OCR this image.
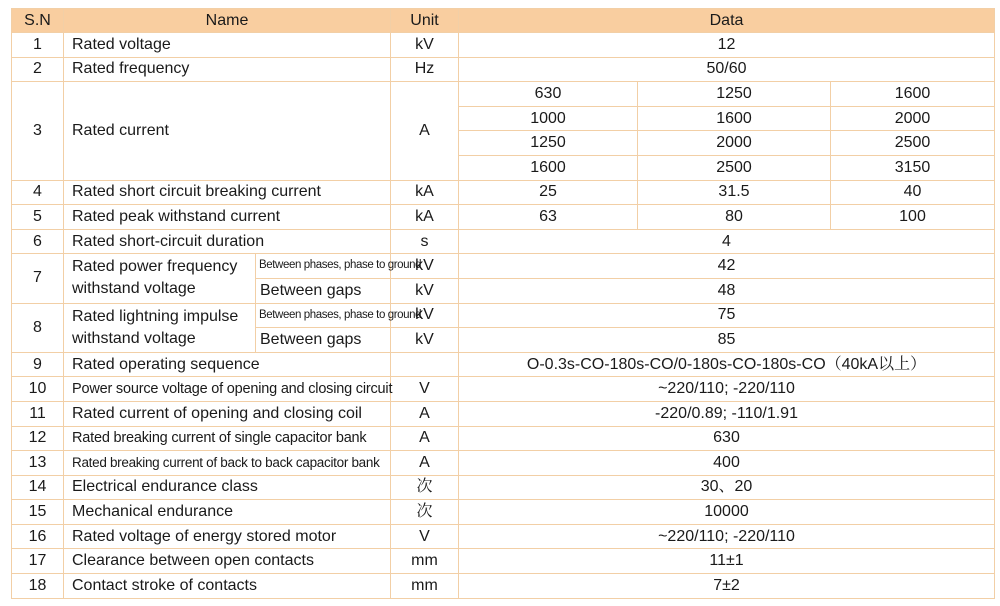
S.N	Name		Unit	Data		
1	Rated voltage		kV	12		
2	Rated frequency		Hz	50/60		
3	Rated current		A	630	1250	1600
				1000	1600	2000
				1250	2000	2500
				1600	2500	3150
4	Rated short circuit breaking current		kA	25	31.5	40
5	Rated peak withstand current		kA	63	80	100
6	Rated short-circuit duration		s	4		
7	Rated power frequency withstand voltage	Between phases, phase to ground	kV	42		
		Between gaps	kV	48		
8	Rated lightning impulse withstand voltage	Between phases, phase to ground	kV	75		
		Between gaps	kV	85		
9	Rated operating sequence			O-0.3s-CO-180s-CO/0-180s-CO-180s-CO（40kA以上）		
10	Power source voltage of opening and closing circuit		V	~220/110; -220/110		
11	Rated current of opening and closing coil		A	-220/0.89; -110/1.91		
12	Rated breaking current of single capacitor bank		A	630		
13	Rated breaking current of back to back capacitor bank		A	400		
14	Electrical endurance class		次	30、20		
15	Mechanical endurance		次	10000		
16	Rated voltage of energy stored motor		V	~220/110; -220/110		
17	Clearance between open contacts		mm	11±1		
18	Contact stroke of contacts		mm	7±2		
